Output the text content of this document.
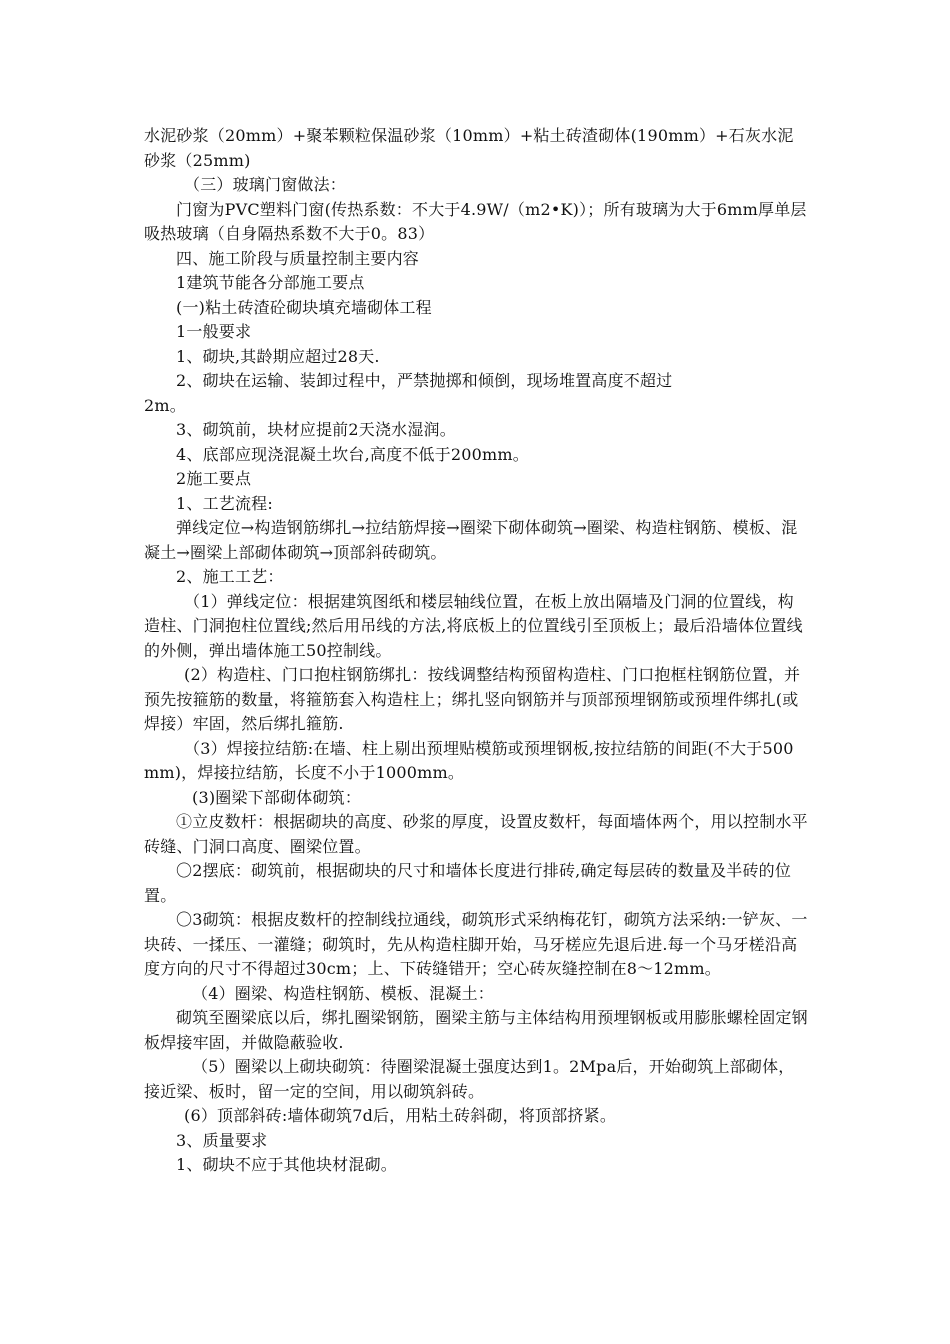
水泥砂浆（20mm）+聚苯颗粒保温砂浆（10mm）+粘土砖渣砌体(190mm）+石灰水泥砂浆（25mm)

（三）玻璃门窗做法：

门窗为PVC塑料门窗(传热系数：不大于4.9W/（m2•K)）；所有玻璃为大于6mm厚单层吸热玻璃（自身隔热系数不大于0。83）

四、施工阶段与质量控制主要内容

1建筑节能各分部施工要点

(一)粘土砖渣砼砌块填充墙砌体工程

1一般要求

1、砌块,其龄期应超过28天.

2、砌块在运输、装卸过程中，严禁抛掷和倾倒，现场堆置高度不超过

2m。

3、砌筑前，块材应提前2天浇水湿润。

4、底部应现浇混凝土坎台,高度不低于200mm。

2施工要点

1、工艺流程:

弹线定位→构造钢筋绑扎→拉结筋焊接→圈梁下砌体砌筑→圈梁、构造柱钢筋、模板、混凝土→圈梁上部砌体砌筑→顶部斜砖砌筑。

2、施工工艺：

（1）弹线定位：根据建筑图纸和楼层轴线位置，在板上放出隔墙及门洞的位置线，构造柱、门洞抱柱位置线;然后用吊线的方法,将底板上的位置线引至顶板上；最后沿墙体位置线的外侧，弹出墙体施工50控制线。

(2）构造柱、门口抱柱钢筋绑扎：按线调整结构预留构造柱、门口抱框柱钢筋位置，并预先按箍筋的数量，将箍筋套入构造柱上；绑扎竖向钢筋并与顶部预埋钢筋或预埋件绑扎(或焊接）牢固，然后绑扎箍筋.

（3）焊接拉结筋:在墙、柱上剔出预埋贴模筋或预埋钢板,按拉结筋的间距(不大于500mm)，焊接拉结筋，长度不小于1000mm。

(3)圈梁下部砌体砌筑：

①立皮数杆：根据砌块的高度、砂浆的厚度，设置皮数杆，每面墙体两个，用以控制水平砖缝、门洞口高度、圈梁位置。

〇2摆底：砌筑前，根据砌块的尺寸和墙体长度进行排砖,确定每层砖的数量及半砖的位置。

〇3砌筑：根据皮数杆的控制线拉通线，砌筑形式采纳梅花钉，砌筑方法采纳:一铲灰、一块砖、一揉压、一灌缝；砌筑时，先从构造柱脚开始，马牙槎应先退后进.每一个马牙槎沿高度方向的尺寸不得超过30cm；上、下砖缝错开；空心砖灰缝控制在8～12mm。

（4）圈梁、构造柱钢筋、模板、混凝土：

砌筑至圈梁底以后，绑扎圈梁钢筋，圈梁主筋与主体结构用预埋钢板或用膨胀螺栓固定钢板焊接牢固，并做隐蔽验收.

（5）圈梁以上砌块砌筑：待圈梁混凝土强度达到1。2Mpa后，开始砌筑上部砌体，接近梁、板时，留一定的空间，用以砌筑斜砖。

(6）顶部斜砖:墙体砌筑7d后，用粘土砖斜砌，将顶部挤紧。

3、质量要求

1、砌块不应于其他块材混砌。
